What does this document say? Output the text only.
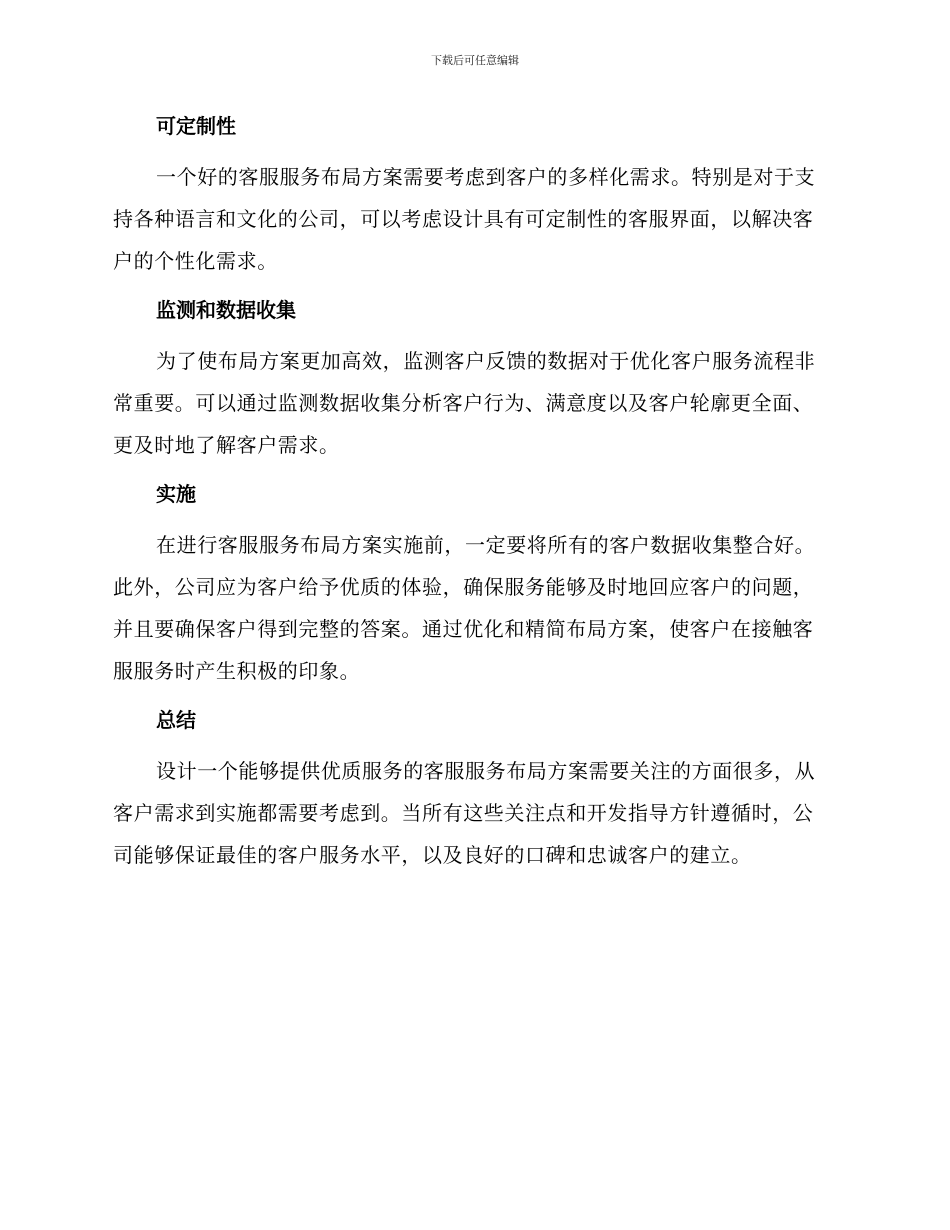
下载后可任意编辑
可定制性

一个好的客服服务布局方案需要考虑到客户的多样化需求。特别是对于支持各种语言和文化的公司，可以考虑设计具有可定制性的客服界面，以解决客户的个性化需求。

监测和数据收集

为了使布局方案更加高效，监测客户反馈的数据对于优化客户服务流程非常重要。可以通过监测数据收集分析客户行为、满意度以及客户轮廓更全面、更及时地了解客户需求。

实施

在进行客服服务布局方案实施前，一定要将所有的客户数据收集整合好。此外，公司应为客户给予优质的体验，确保服务能够及时地回应客户的问题，并且要确保客户得到完整的答案。通过优化和精简布局方案，使客户在接触客服服务时产生积极的印象。

总结

设计一个能够提供优质服务的客服服务布局方案需要关注的方面很多，从客户需求到实施都需要考虑到。当所有这些关注点和开发指导方针遵循时，公司能够保证最佳的客户服务水平，以及良好的口碑和忠诚客户的建立。
